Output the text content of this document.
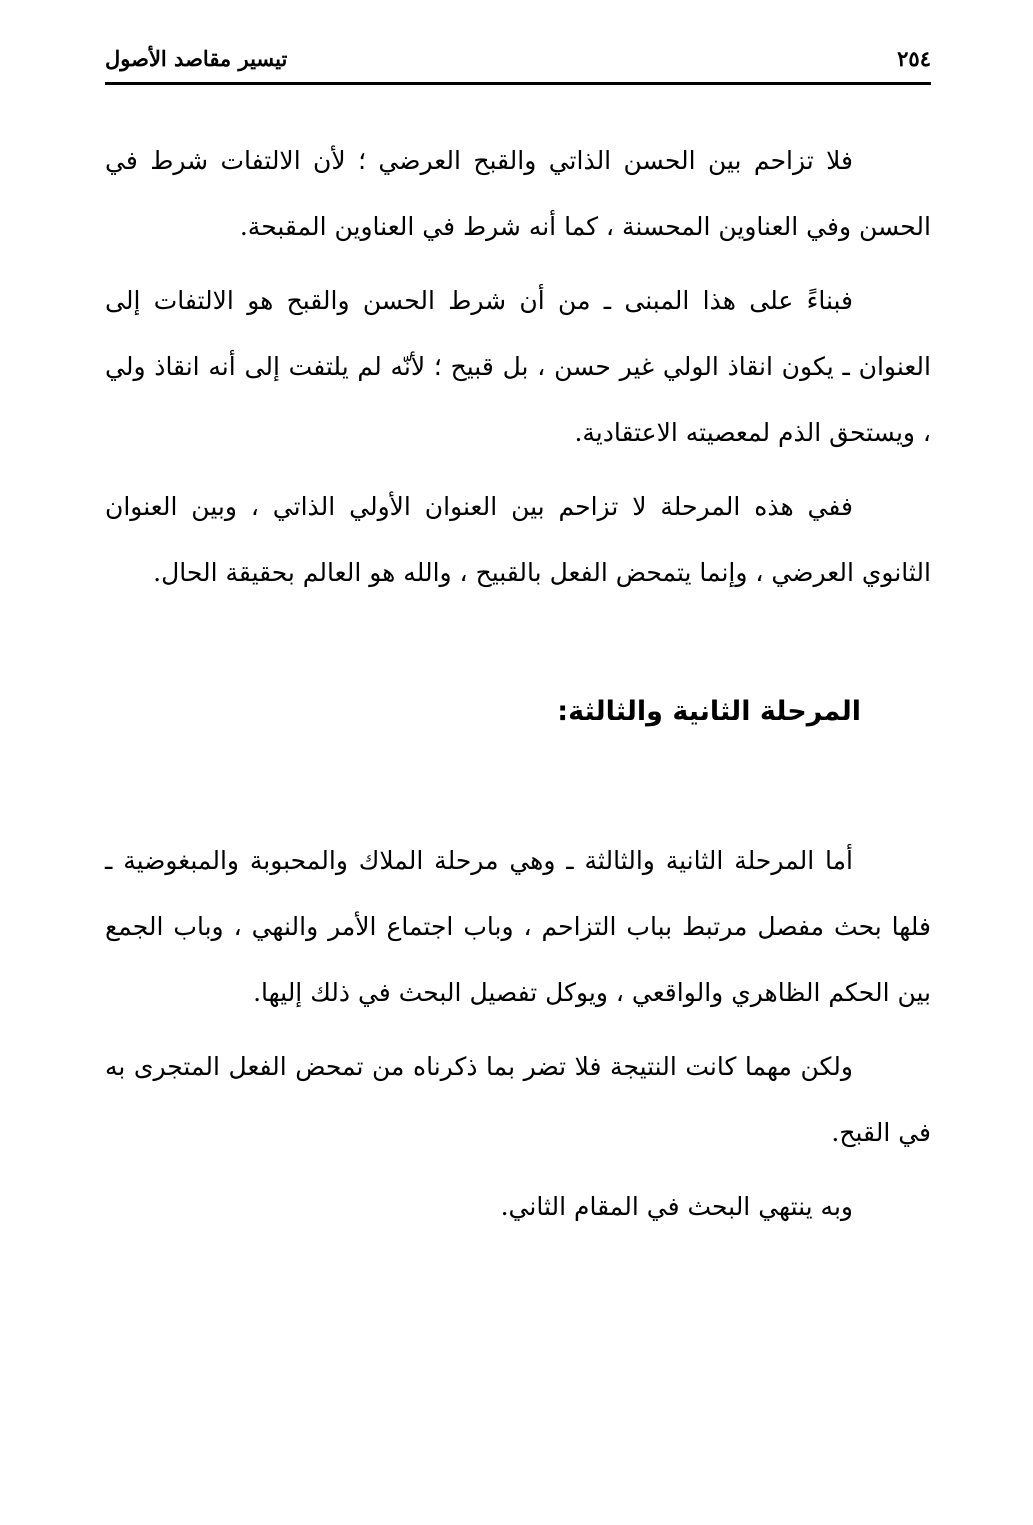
٢٥٤
تيسير مقاصد الأصول

فلا تزاحم بين الحسن الذاتي والقبح العرضي ؛ لأن الالتفات شرط في الحسن وفي العناوين المحسنة ، كما أنه شرط في العناوين المقبحة.

فبناءً على هذا المبنى ـ من أن شرط الحسن والقبح هو الالتفات إلى العنوان ـ يكون انقاذ الولي غير حسن ، بل قبيح ؛ لأنّه لم يلتفت إلى أنه انقاذ ولي ، ويستحق الذم لمعصيته الاعتقادية.

ففي هذه المرحلة لا تزاحم بين العنوان الأولي الذاتي ، وبين العنوان الثانوي العرضي ، وإنما يتمحض الفعل بالقبيح ، والله هو العالم بحقيقة الحال.

المرحلة الثانية والثالثة:

أما المرحلة الثانية والثالثة ـ وهي مرحلة الملاك والمحبوبة والمبغوضية ـ فلها بحث مفصل مرتبط بباب التزاحم ، وباب اجتماع الأمر والنهي ، وباب الجمع بين الحكم الظاهري والواقعي ، ويوكل تفصيل البحث في ذلك إليها.

ولكن مهما كانت النتيجة فلا تضر بما ذكرناه من تمحض الفعل المتجرى به في القبح.

وبه ينتهي البحث في المقام الثاني.
